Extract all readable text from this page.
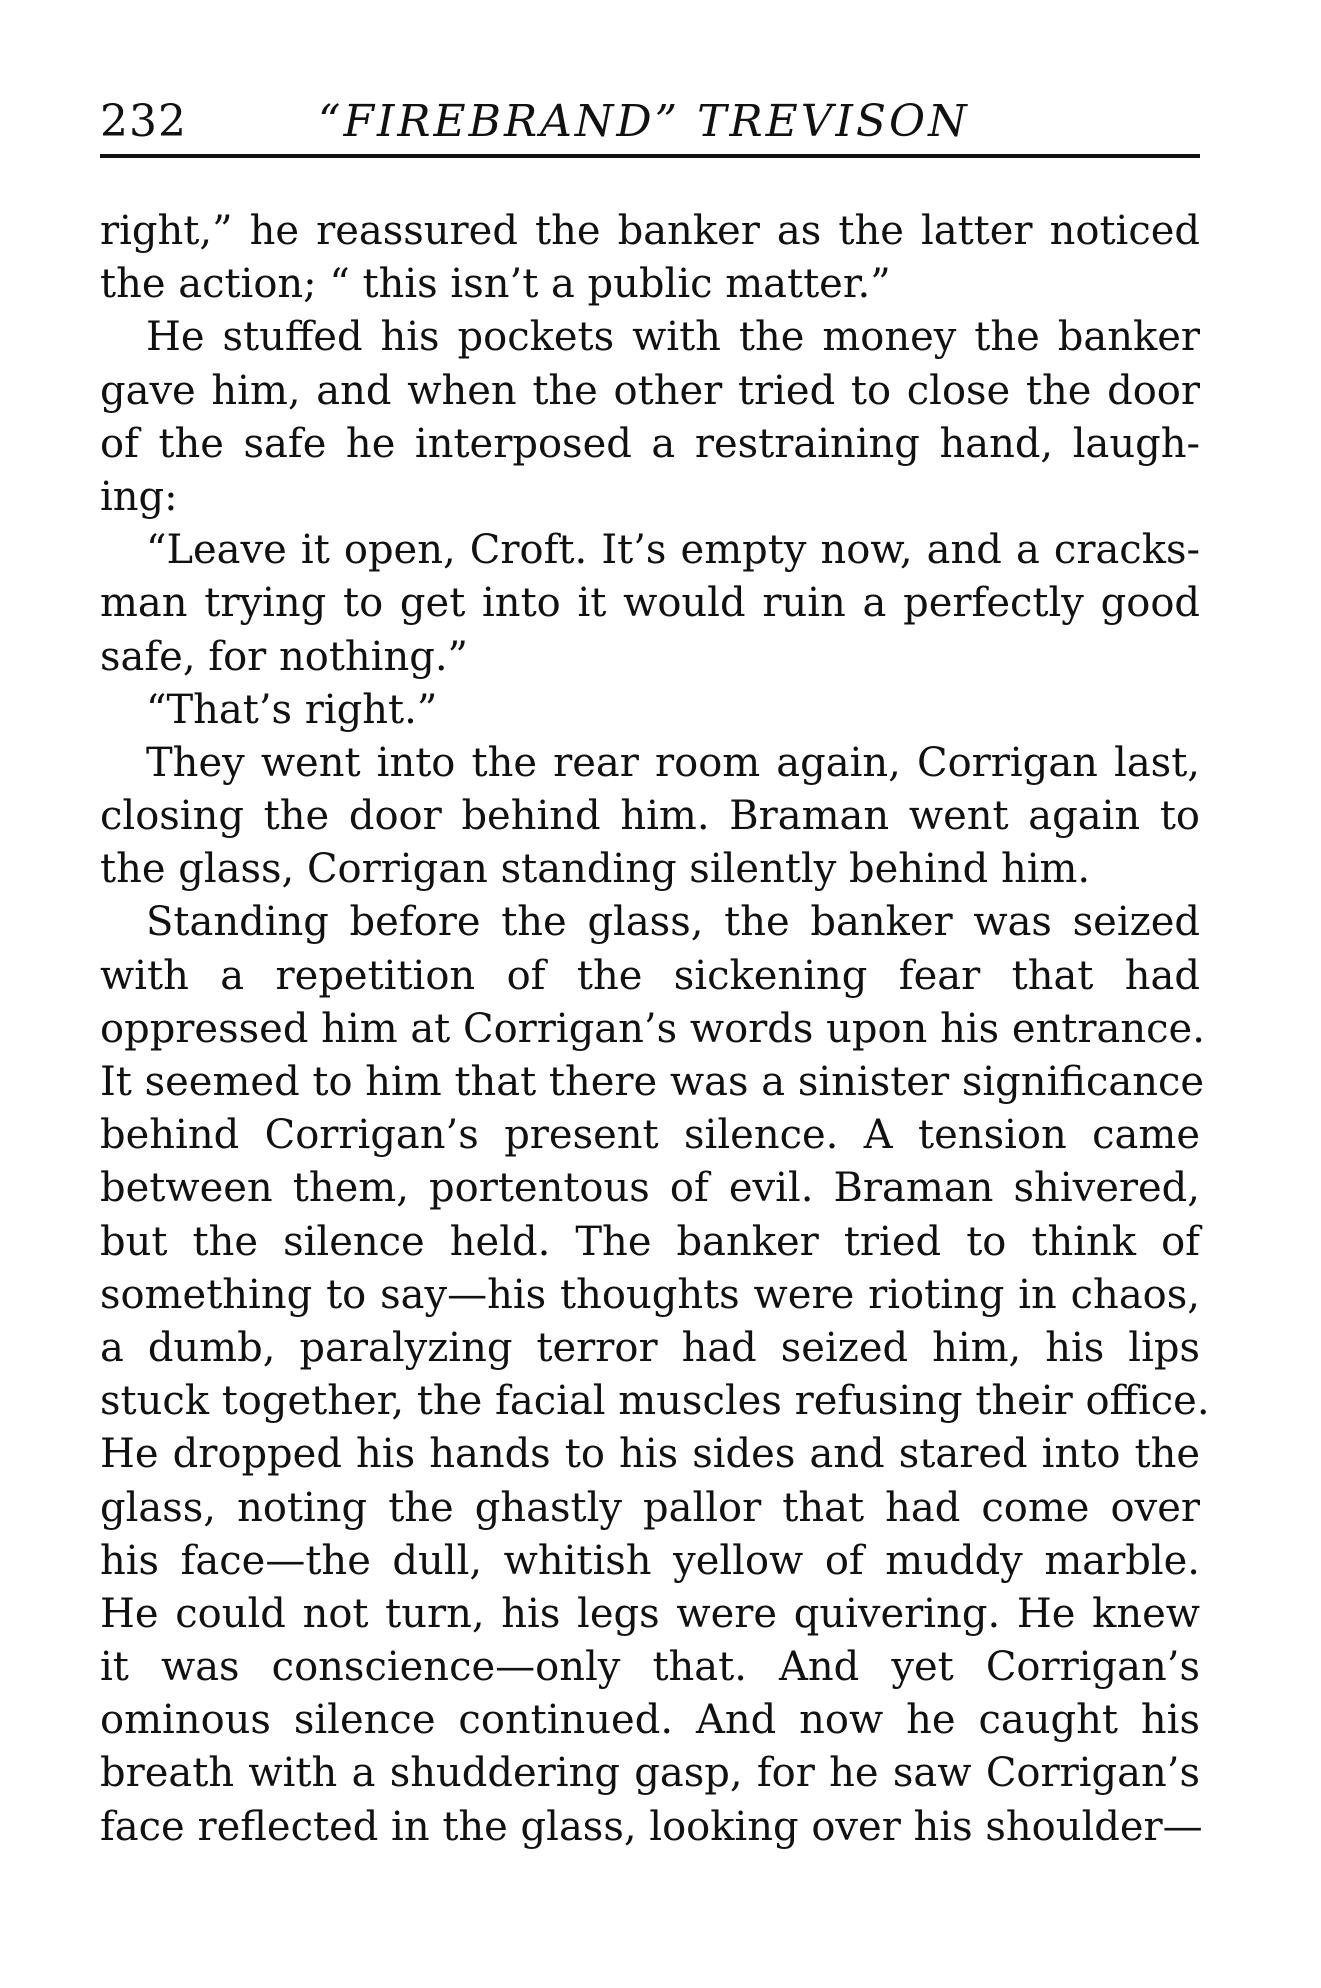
232	“FIREBRAND” TREVISON
right,” he reassured the banker as the latter noticed
the action; “ this isn’t a public matter.”
He stuffed his pockets with the money the banker
gave him, and when the other tried to close the door
of the safe he interposed a restraining hand, laugh-
ing:
“Leave it open, Croft. It’s empty now, and a cracks-
man trying to get into it would ruin a perfectly good
safe, for nothing.”
“That’s right.”
They went into the rear room again, Corrigan last,
closing the door behind him. Braman went again to
the glass, Corrigan standing silently behind him.
Standing before the glass, the banker was seized
with a repetition of the sickening fear that had
oppressed him at Corrigan’s words upon his entrance.
It seemed to him that there was a sinister significance
behind Corrigan’s present silence. A tension came
between them, portentous of evil. Braman shivered,
but the silence held. The banker tried to think of
something to say—his thoughts were rioting in chaos,
a dumb, paralyzing terror had seized him, his lips
stuck together, the facial muscles refusing their office.
He dropped his hands to his sides and stared into the
glass, noting the ghastly pallor that had come over
his face—the dull, whitish yellow of muddy marble.
He could not turn, his legs were quivering. He knew
it was conscience—only that. And yet Corrigan’s
ominous silence continued. And now he caught his
breath with a shuddering gasp, for he saw Corrigan’s
face reflected in the glass, looking over his shoulder—
